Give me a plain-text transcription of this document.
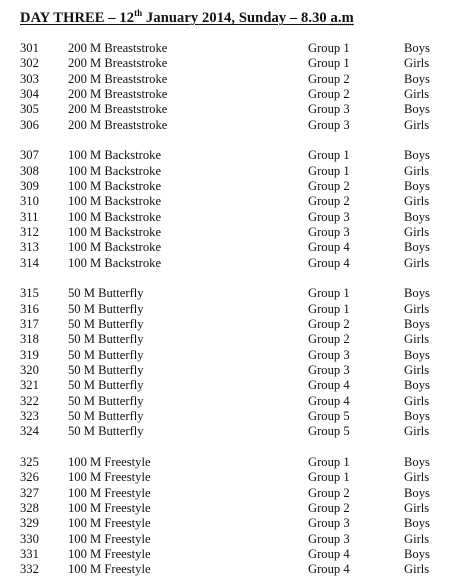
DAY THREE – 12th January 2014, Sunday – 8.30 a.m
301 200 M Breaststroke	Group 1	Boys
302 200 M Breaststroke	Group 1	Girls
303 200 M Breaststroke	Group 2	Boys
304 200 M Breaststroke	Group 2	Girls
305 200 M Breaststroke	Group 3	Boys
306 200 M Breaststroke	Group 3	Girls
307 100 M Backstroke	Group 1	Boys
308 100 M Backstroke	Group 1	Girls
309 100 M Backstroke	Group 2	Boys
310 100 M Backstroke	Group 2	Girls
311 100 M Backstroke	Group 3	Boys
312 100 M Backstroke	Group 3	Girls
313 100 M Backstroke	Group 4	Boys
314 100 M Backstroke	Group 4	Girls
315 50 M Butterfly	Group 1	Boys
316 50 M Butterfly	Group 1	Girls
317 50 M Butterfly	Group 2	Boys
318 50 M Butterfly	Group 2	Girls
319 50 M Butterfly	Group 3	Boys
320 50 M Butterfly	Group 3	Girls
321 50 M Butterfly	Group 4	Boys
322 50 M Butterfly	Group 4	Girls
323 50 M Butterfly	Group 5	Boys
324 50 M Butterfly	Group 5	Girls
325 100 M Freestyle	Group 1	Boys
326 100 M Freestyle	Group 1	Girls
327 100 M Freestyle	Group 2	Boys
328 100 M Freestyle	Group 2	Girls
329 100 M Freestyle	Group 3	Boys
330 100 M Freestyle	Group 3	Girls
331 100 M Freestyle	Group 4	Boys
332 100 M Freestyle	Group 4	Girls
